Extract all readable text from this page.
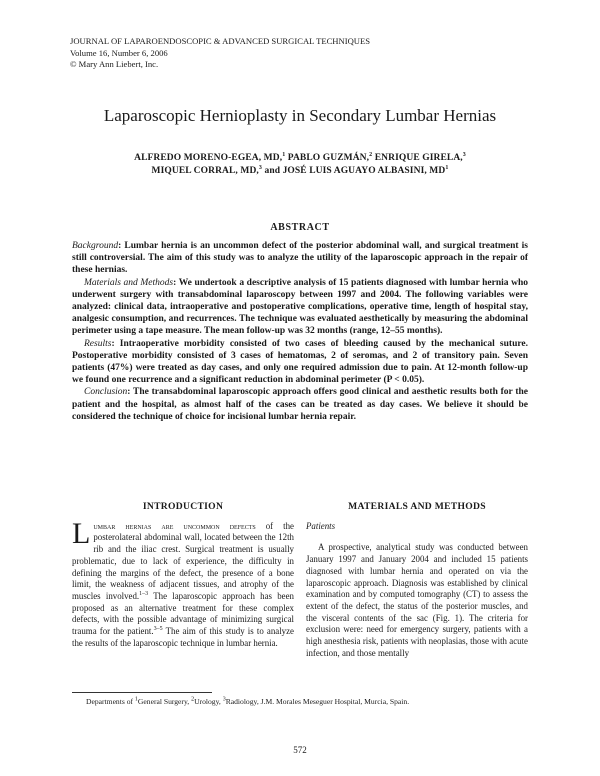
JOURNAL OF LAPAROENDOSCOPIC & ADVANCED SURGICAL TECHNIQUES
Volume 16, Number 6, 2006
© Mary Ann Liebert, Inc.
Laparoscopic Hernioplasty in Secondary Lumbar Hernias
ALFREDO MORENO-EGEA, MD,$^1$ PABLO GUZMÁN,$^2$ ENRIQUE GIRELA,$^3$
MIQUEL CORRAL, MD,$^3$ and JOSÉ LUIS AGUAYO ALBASINI, $MD^1$
ABSTRACT

Background: Lumbar hernia is an uncommon defect of the posterior abdominal wall, and surgical treatment is still controversial. The aim of this study was to analyze the utility of the laparoscopic approach in the repair of these hernias.

Materials and Methods: We undertook a descriptive analysis of 15 patients diagnosed with lumbar hernia who underwent surgery with transabdominal laparoscopy between 1997 and 2004. The following variables were analyzed: clinical data, intraoperative and postoperative complications, operative time, length of hospital stay, analgesic consumption, and recurrences. The technique was evaluated aesthetically by measuring the abdominal perimeter using a tape measure. The mean follow-up was 32 months (range, 12–55 months).

Results: Intraoperative morbidity consisted of two cases of bleeding caused by the mechanical suture. Postoperative morbidity consisted of 3 cases of hematomas, 2 of seromas, and 2 of transitory pain. Seven patients (47%) were treated as day cases, and only one required admission due to pain. At 12-month follow-up we found one recurrence and a significant reduction in abdominal perimeter (P < 0.05).

Conclusion: The transabdominal laparoscopic approach offers good clinical and aesthetic results both for the patient and the hospital, as almost half of the cases can be treated as day cases. We believe it should be considered the technique of choice for incisional lumbar hernia repair.

INTRODUCTION

Lumbar hernias are uncommon defects of the posterolateral abdominal wall, located between the 12th rib and the iliac crest. Surgical treatment is usually problematic, due to lack of experience, the difficulty in defining the margins of the defect, the presence of a bone limit, the weakness of adjacent tissues, and atrophy of the muscles involved.$^{1-3}$ The laparoscopic approach has been proposed as an alternative treatment for these complex defects, with the possible advantage of minimizing surgical trauma for the patient.$^{3-5}$ The aim of this study is to analyze the results of the laparoscopic technique in lumbar hernia.

MATERIALS AND METHODS

Patients

A prospective, analytical study was conducted between January 1997 and January 2004 and included 15 patients diagnosed with lumbar hernia and operated on via the laparoscopic approach. Diagnosis was established by clinical examination and by computed tomography (CT) to assess the extent of the defect, the status of the posterior muscles, and the visceral contents of the sac (Fig. 1). The criteria for exclusion were: need for emergency surgery, patients with a high anesthesia risk, patients with neoplasias, those with acute infection, and those mentally

Departments of $^1$General Surgery, $^2$Urology, $^3$Radiology, J.M. Morales Meseguer Hospital, Murcia, Spain.
572
